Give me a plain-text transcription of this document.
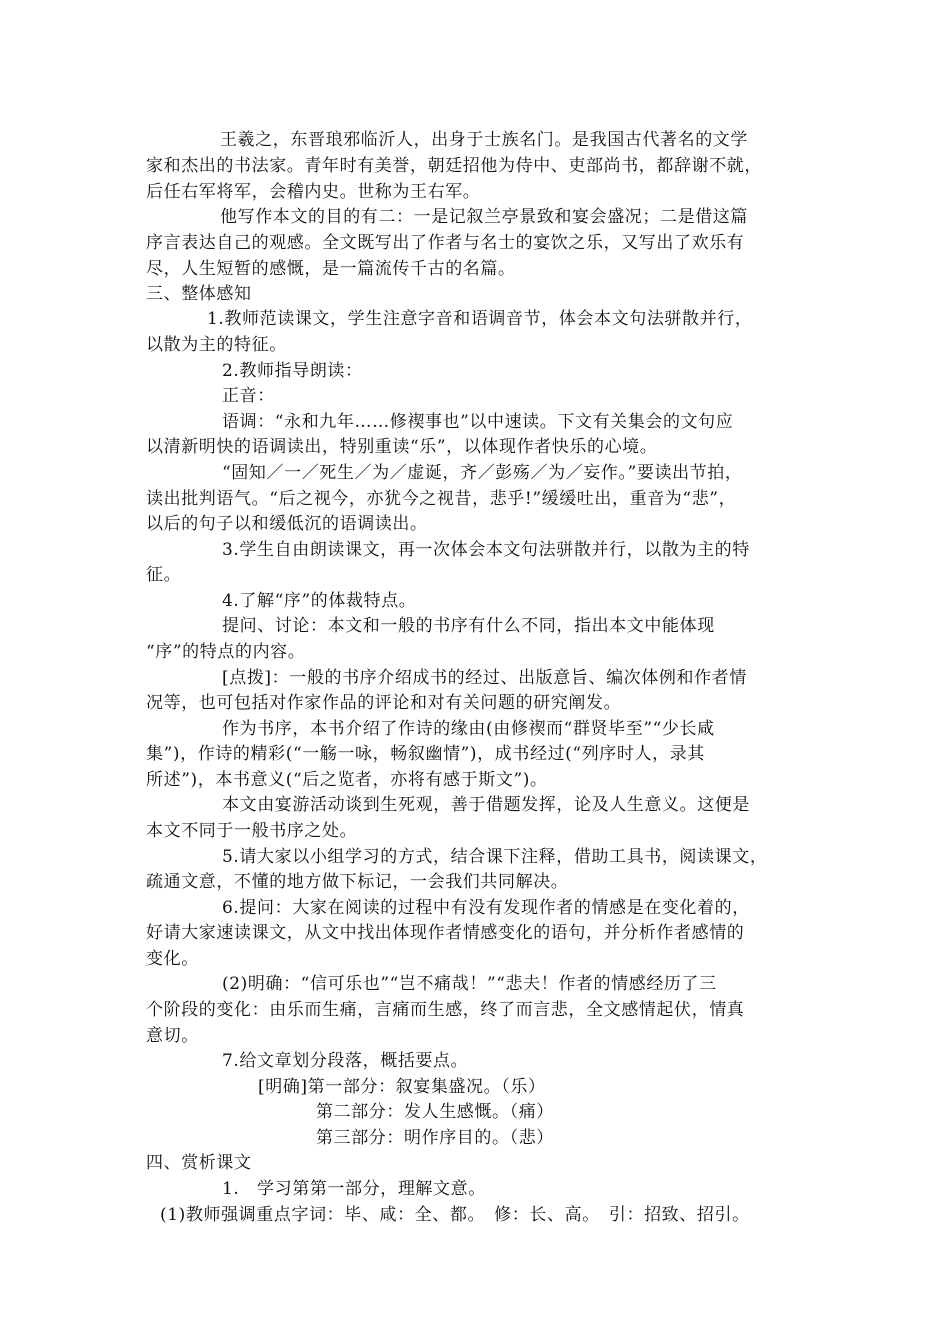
王羲之，东晋琅邪临沂人，出身于士族名门。是我国古代著名的文学
家和杰出的书法家。青年时有美誉，朝廷招他为侍中、吏部尚书，都辞谢不就，
后任右军将军，会稽内史。世称为王右军。
他写作本文的目的有二：一是记叙兰亭景致和宴会盛况；二是借这篇
序言表达自己的观感。全文既写出了作者与名士的宴饮之乐，又写出了欢乐有
尽，人生短暂的感慨，是一篇流传千古的名篇。
三、整体感知
1.教师范读课文，学生注意字音和语调音节，体会本文句法骈散并行，
以散为主的特征。
2.教师指导朗读：
正音：
语调：“永和九年……修禊事也”以中速读。下文有关集会的文句应
以清新明快的语调读出，特别重读“乐”，以体现作者快乐的心境。
“固知／一／死生／为／虚诞，齐／彭殇／为／妄作。”要读出节拍，
读出批判语气。“后之视今，亦犹今之视昔，悲乎!”缓缓吐出，重音为“悲”，
以后的句子以和缓低沉的语调读出。
3.学生自由朗读课文，再一次体会本文句法骈散并行，以散为主的特
征。
4.了解“序”的体裁特点。
提问、讨论：本文和一般的书序有什么不同，指出本文中能体现
“序”的特点的内容。
[点拨]：一般的书序介绍成书的经过、出版意旨、编次体例和作者情
况等，也可包括对作家作品的评论和对有关问题的研究阐发。
作为书序，本书介绍了作诗的缘由(由修禊而“群贤毕至”“少长咸
集”)，作诗的精彩(“一觞一咏，畅叙幽情”)，成书经过(“列序时人，录其
所述”)，本书意义(“后之览者，亦将有感于斯文”)。
本文由宴游活动谈到生死观，善于借题发挥，论及人生意义。这便是
本文不同于一般书序之处。
5.请大家以小组学习的方式，结合课下注释，借助工具书，阅读课文，
疏通文意，不懂的地方做下标记，一会我们共同解决。
6.提问：大家在阅读的过程中有没有发现作者的情感是在变化着的，
好请大家速读课文，从文中找出体现作者情感变化的语句，并分析作者感情的
变化。
(2)明确：“信可乐也”“岂不痛哉！”“悲夫！作者的情感经历了三
个阶段的变化：由乐而生痛，言痛而生感，终了而言悲，全文感情起伏，情真
意切。
7.给文章划分段落，概括要点。
[明确]第一部分：叙宴集盛况。（乐）
第二部分：发人生感慨。（痛）
第三部分：明作序目的。（悲）
四、赏析课文
1.　学习第第一部分，理解文意。
(1)教师强调重点字词：毕、咸：全、都。　修：长、高。　引：招致、招引。
